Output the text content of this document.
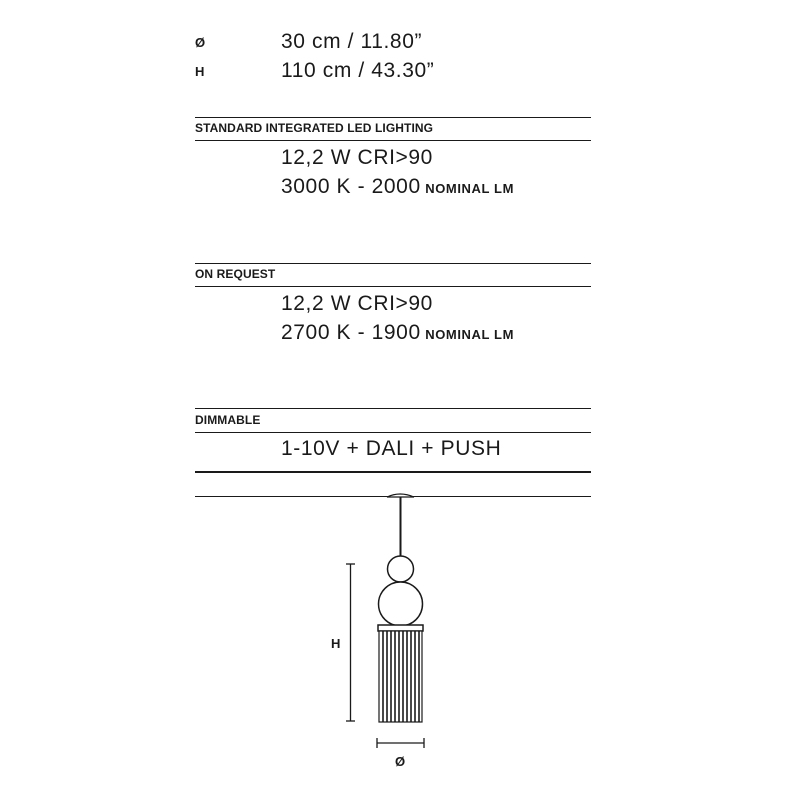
Ø	30 cm / 11.80”
H	110 cm / 43.30”
STANDARD INTEGRATED LED LIGHTING
12,2 W CRI>90
3000 K - 2000 NOMINAL LM
ON REQUEST
12,2 W CRI>90
2700 K - 1900 NOMINAL LM
DIMMABLE
1-10V + DALI + PUSH
H
Ø
